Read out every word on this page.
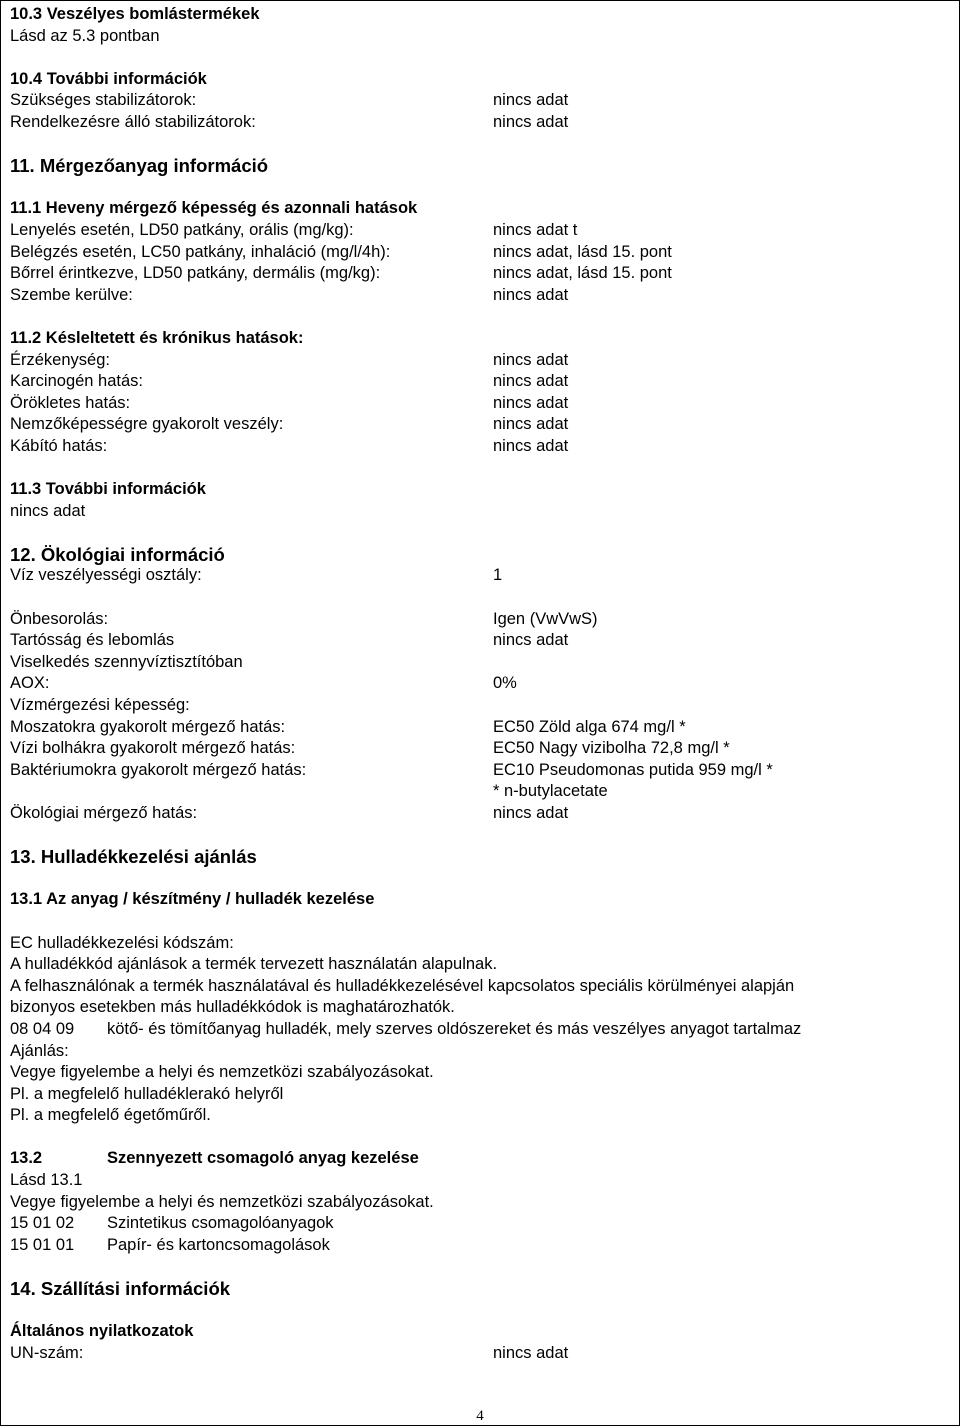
10.3 Veszélyes bomlástermékek
Lásd az 5.3 pontban
10.4 További információk
Szükséges stabilizátorok:	nincs adat
Rendelkezésre álló stabilizátorok:	nincs adat
11. Mérgezőanyag információ
11.1 Heveny mérgező képesség és azonnali hatások
Lenyelés esetén, LD50 patkány, orális (mg/kg):	nincs adat t
Belégzés esetén, LC50 patkány, inhaláció (mg/l/4h):	nincs adat, lásd 15. pont
Bőrrel érintkezve, LD50 patkány, dermális (mg/kg):	nincs adat, lásd 15. pont
Szembe kerülve:	nincs adat
11.2 Késleltetett és krónikus hatások:
Érzékenység:	nincs adat
Karcinogén hatás:	nincs adat
Örökletes hatás:	nincs adat
Nemzőképességre gyakorolt veszély:	nincs adat
Kábító hatás:	nincs adat
11.3 További információk
nincs adat
12. Ökológiai információ
Víz veszélyességi osztály:	1
Önbesorolás:	Igen (VwVwS)
Tartósság és lebomlás	nincs adat
Viselkedés szennyvíztisztítóban
AOX:	0%
Vízmérgezési képesség:
Moszatokra gyakorolt mérgező hatás:	EC50 Zöld alga 674 mg/l *
Vízi bolhákra gyakorolt mérgező hatás:	EC50 Nagy vizibolha 72,8 mg/l *
Baktériumokra gyakorolt mérgező hatás:	EC10 Pseudomonas putida 959 mg/l *
* n-butylacetate
Ökológiai mérgező hatás:	nincs adat
13. Hulladékkezelési ajánlás
13.1 Az anyag / készítmény / hulladék kezelése
EC hulladékkezelési kódszám:
A hulladékkód ajánlások a termék tervezett használatán alapulnak.
A felhasználónak a termék használatával és hulladékkezelésével kapcsolatos speciális körülményei alapján
bizonyos esetekben más hulladékkódok is maghatározhatók.
08 04 09 kötő- és tömítőanyag hulladék, mely szerves oldószereket és más veszélyes anyagot tartalmaz
Ajánlás:
Vegye figyelembe a helyi és nemzetközi szabályozásokat.
Pl. a megfelelő hulladéklerakó helyről
Pl. a megfelelő égetőműről.
13.2	Szennyezett csomagoló anyag kezelése
Lásd 13.1
Vegye figyelembe a helyi és nemzetközi szabályozásokat.
15 01 02 Szintetikus csomagolóanyagok
15 01 01 Papír- és kartoncsomagolások
14. Szállítási információk
Általános nyilatkozatok
UN-szám:	nincs adat
4
